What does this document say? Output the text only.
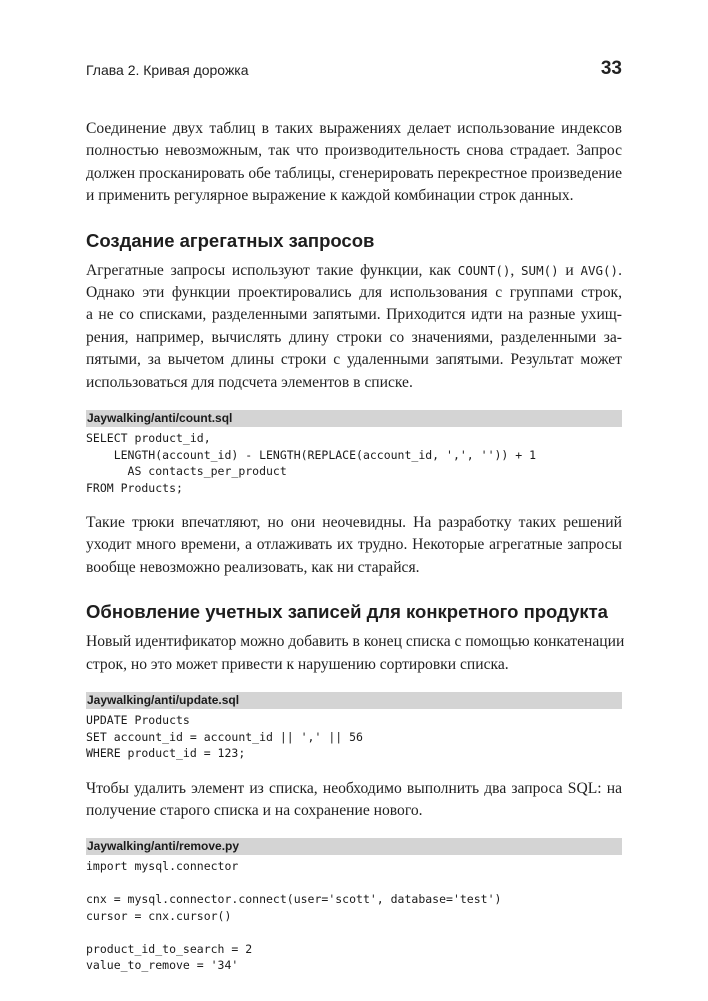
Глава 2. Кривая дорожка	33

Соединение двух таблиц в таких выражениях делает использование индексов
полностью невозможным, так что производительность снова страдает. Запрос
должен просканировать обе таблицы, сгенерировать перекрестное произведение
и применить регулярное выражение к каждой комбинации строк данных.

Создание агрегатных запросов

Агрегатные запросы используют такие функции, как COUNT(), SUM() и AVG().
Однако эти функции проектировались для использования с группами строк,
а не со списками, разделенными запятыми. Приходится идти на разные ухищ-
рения, например, вычислять длину строки со значениями, разделенными за-
пятыми, за вычетом длины строки с удаленными запятыми. Результат может
использоваться для подсчета элементов в списке.

Jaywalking/anti/count.sql
SELECT product_id,
LENGTH(account_id) - LENGTH(REPLACE(account_id, ',', '')) + 1
AS contacts_per_product
FROM Products;

Такие трюки впечатляют, но они неочевидны. На разработку таких решений
уходит много времени, а отлаживать их трудно. Некоторые агрегатные запросы
вообще невозможно реализовать, как ни старайся.

Обновление учетных записей для конкретного продукта

Новый идентификатор можно добавить в конец списка с помощью конкатенации
строк, но это может привести к нарушению сортировки списка.

Jaywalking/anti/update.sql
UPDATE Products
SET account_id = account_id || ',' || 56
WHERE product_id = 123;

Чтобы удалить элемент из списка, необходимо выполнить два запроса SQL: на
получение старого списка и на сохранение нового.

Jaywalking/anti/remove.py
import mysql.connector
cnx = mysql.connector.connect(user='scott', database='test')
cursor = cnx.cursor()
product_id_to_search = 2
value_to_remove = '34'
